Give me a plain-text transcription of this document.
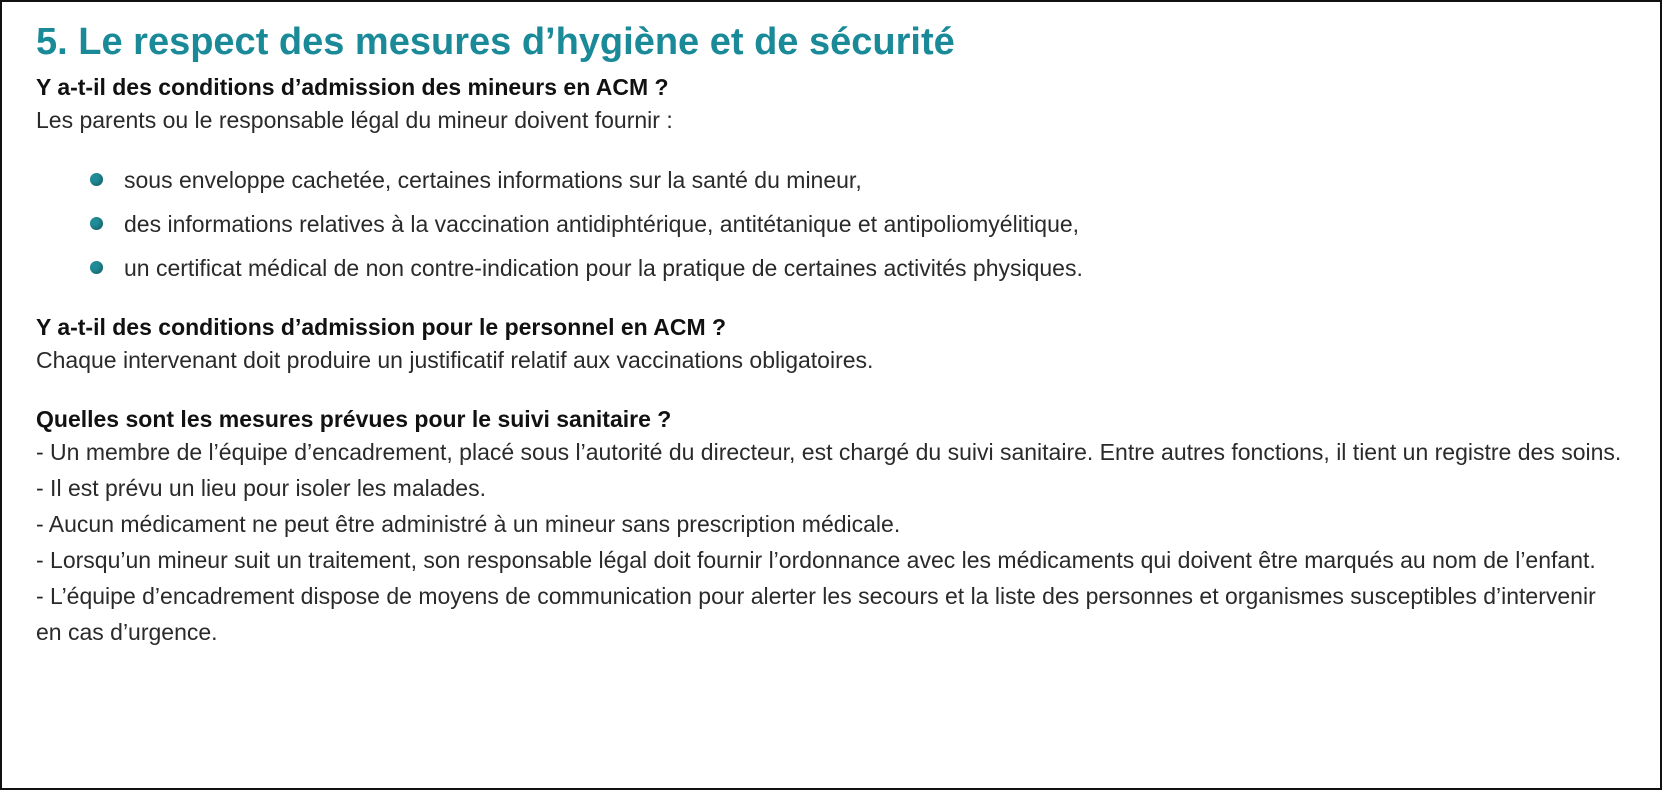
5. Le respect des mesures d’hygiène et de sécurité

Y a-t-il des conditions d’admission des mineurs en ACM ?

Les parents ou le responsable légal du mineur doivent fournir :

sous enveloppe cachetée, certaines informations sur la santé du mineur,
des informations relatives à la vaccination antidiphtérique, antitétanique et antipoliomyélitique,
un certificat médical de non contre-indication pour la pratique de certaines activités physiques.

Y a-t-il des conditions d’admission pour le personnel en ACM ?

Chaque intervenant doit produire un justificatif relatif aux vaccinations obligatoires.

Quelles sont les mesures prévues pour le suivi sanitaire ?

- Un membre de l’équipe d’encadrement, placé sous l’autorité du directeur, est chargé du suivi sanitaire. Entre autres fonctions, il tient un registre des soins.

- Il est prévu un lieu pour isoler les malades.

- Aucun médicament ne peut être administré à un mineur sans prescription médicale.

- Lorsqu’un mineur suit un traitement, son responsable légal doit fournir l’ordonnance avec les médicaments qui doivent être marqués au nom de l’enfant.

- L’équipe d’encadrement dispose de moyens de communication pour alerter les secours et la liste des personnes et organismes susceptibles d’intervenir en cas d’urgence.
